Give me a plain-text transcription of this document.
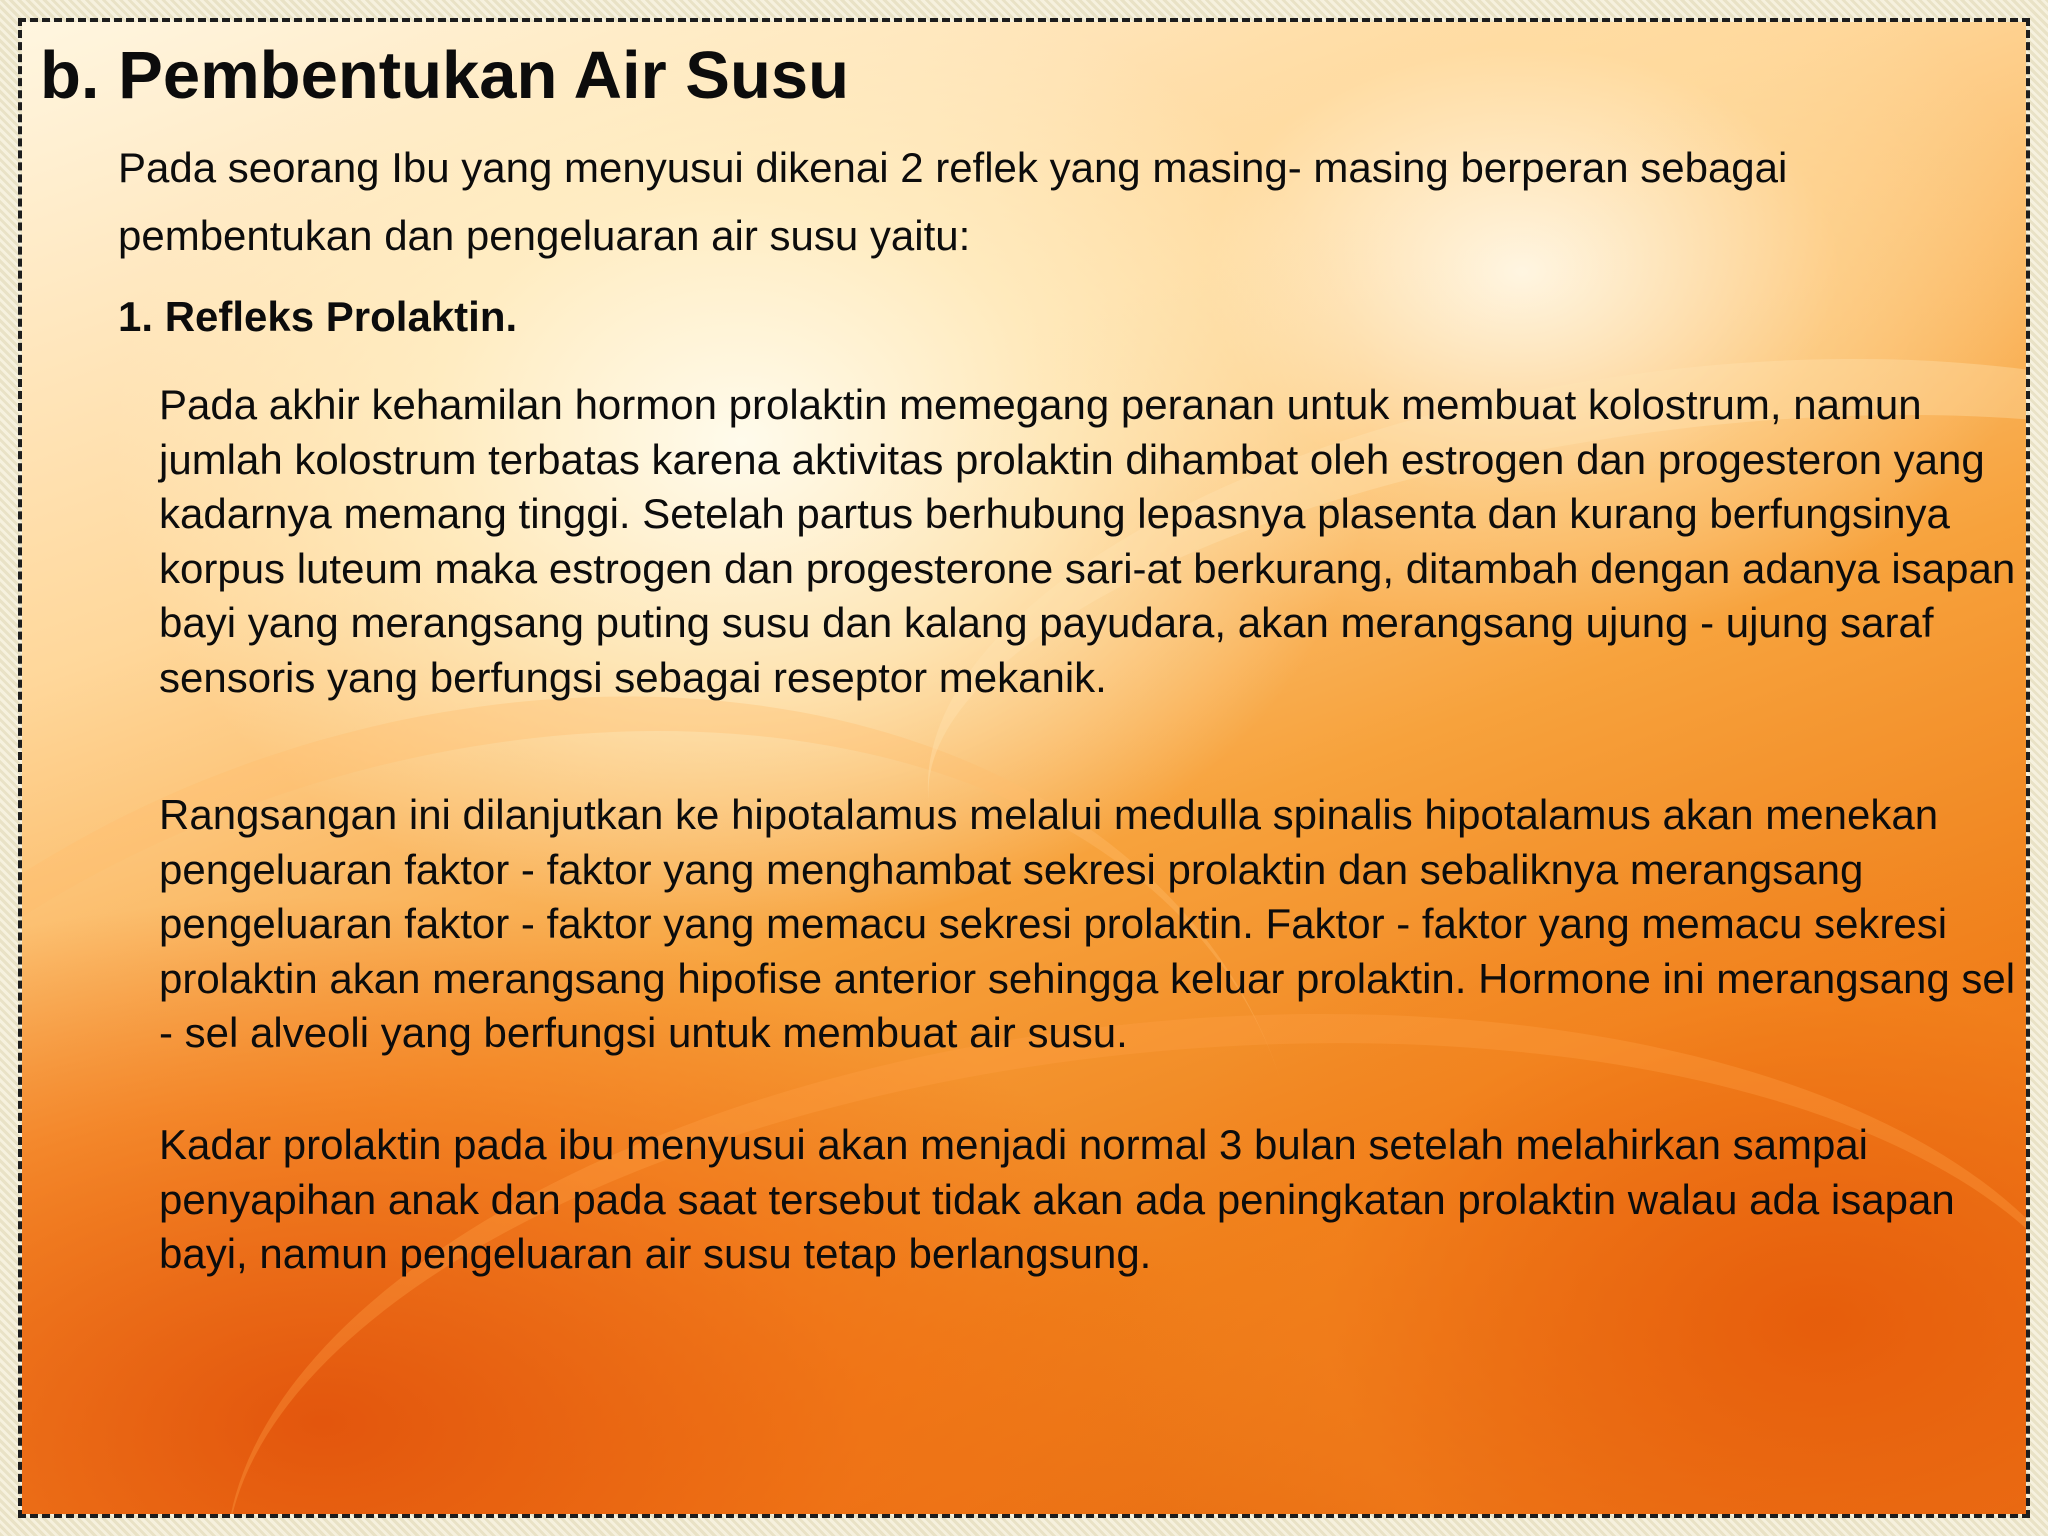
b. Pembentukan Air Susu

Pada seorang Ibu yang menyusui dikenai 2 reflek yang masing- masing berperan sebagai pembentukan dan pengeluaran air susu yaitu:

1. Refleks Prolaktin.

Pada akhir kehamilan hormon prolaktin memegang peranan untuk membuat kolostrum, namun jumlah kolostrum terbatas karena aktivitas prolaktin dihambat oleh estrogen dan progesteron yang kadarnya memang tinggi. Setelah partus berhubung lepasnya plasenta dan kurang berfungsinya korpus luteum maka estrogen dan progesterone sari-at berkurang, ditambah dengan adanya isapan bayi yang merangsang puting susu dan kalang payudara, akan merangsang ujung - ujung saraf sensoris yang berfungsi sebagai reseptor mekanik.

Rangsangan ini dilanjutkan ke hipotalamus melalui medulla spinalis hipotalamus akan menekan pengeluaran faktor - faktor yang menghambat sekresi prolaktin dan sebaliknya merangsang pengeluaran faktor - faktor yang memacu sekresi prolaktin. Faktor - faktor yang memacu sekresi prolaktin akan merangsang hipofise anterior sehingga keluar prolaktin. Hormone ini merangsang sel - sel alveoli yang berfungsi untuk membuat air susu.

Kadar prolaktin pada ibu menyusui akan menjadi normal 3 bulan setelah melahirkan sampai penyapihan anak dan pada saat tersebut tidak akan ada peningkatan prolaktin walau ada isapan bayi, namun pengeluaran air susu tetap berlangsung.
